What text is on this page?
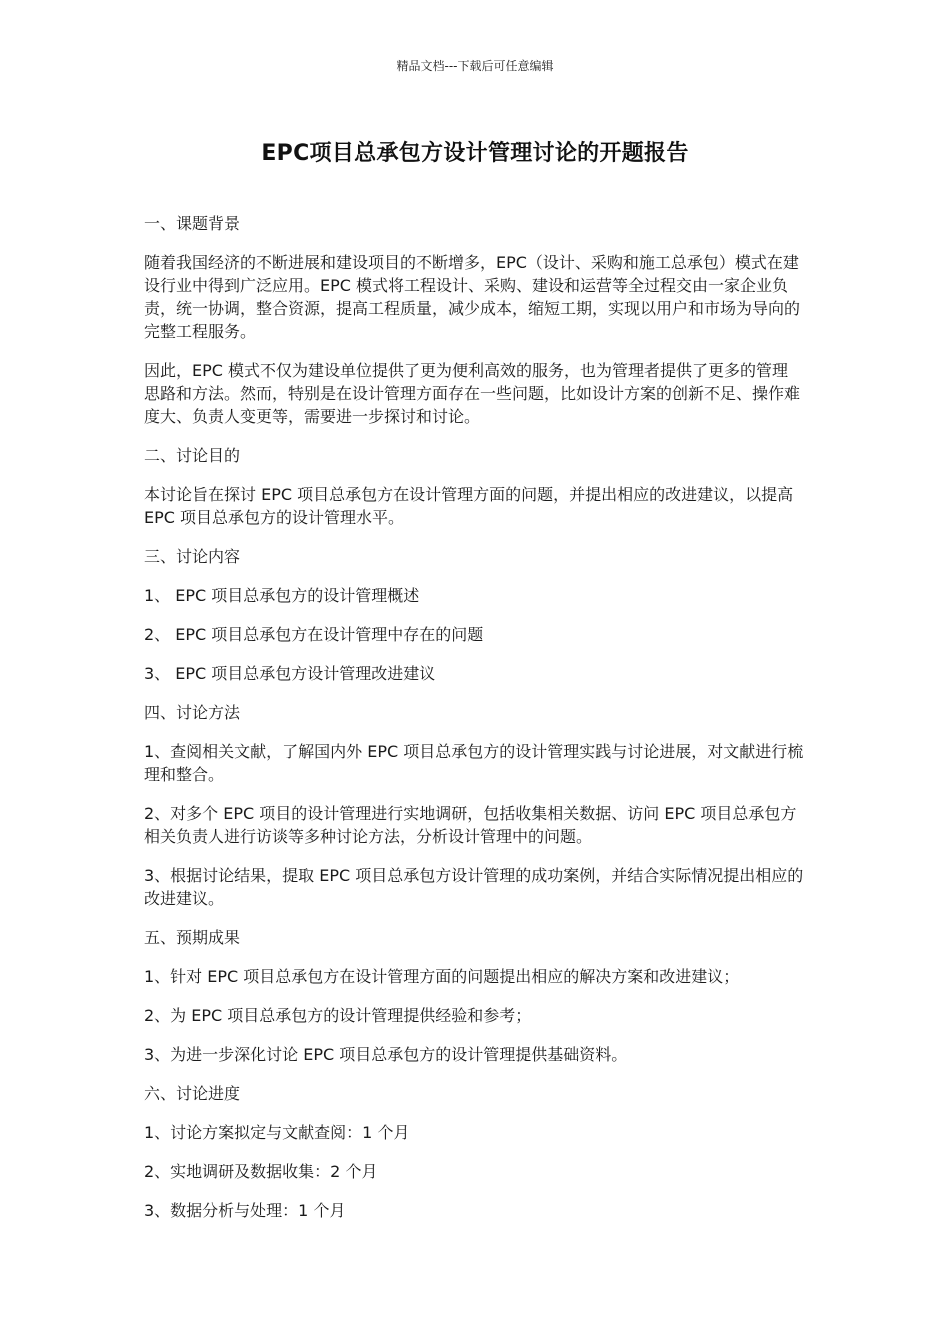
精品文档---下载后可任意编辑
EPC项目总承包方设计管理讨论的开题报告

一、课题背景

随着我国经济的不断进展和建设项目的不断增多，EPC（设计、采购和施工总承包）模式在建设行业中得到广泛应用。EPC 模式将工程设计、采购、建设和运营等全过程交由一家企业负责，统一协调，整合资源，提高工程质量，减少成本，缩短工期，实现以用户和市场为导向的完整工程服务。

因此，EPC 模式不仅为建设单位提供了更为便利高效的服务，也为管理者提供了更多的管理思路和方法。然而，特别是在设计管理方面存在一些问题，比如设计方案的创新不足、操作难度大、负责人变更等，需要进一步探讨和讨论。

二、讨论目的

本讨论旨在探讨 EPC 项目总承包方在设计管理方面的问题，并提出相应的改进建议，以提高 EPC 项目总承包方的设计管理水平。

三、讨论内容

1、 EPC 项目总承包方的设计管理概述

2、 EPC 项目总承包方在设计管理中存在的问题

3、 EPC 项目总承包方设计管理改进建议

四、讨论方法

1、查阅相关文献，了解国内外 EPC 项目总承包方的设计管理实践与讨论进展，对文献进行梳理和整合。

2、对多个 EPC 项目的设计管理进行实地调研，包括收集相关数据、访问 EPC 项目总承包方相关负责人进行访谈等多种讨论方法，分析设计管理中的问题。

3、根据讨论结果，提取 EPC 项目总承包方设计管理的成功案例，并结合实际情况提出相应的改进建议。

五、预期成果

1、针对 EPC 项目总承包方在设计管理方面的问题提出相应的解决方案和改进建议；

2、为 EPC 项目总承包方的设计管理提供经验和参考；

3、为进一步深化讨论 EPC 项目总承包方的设计管理提供基础资料。

六、讨论进度

1、讨论方案拟定与文献查阅：1 个月

2、实地调研及数据收集：2 个月

3、数据分析与处理：1 个月
